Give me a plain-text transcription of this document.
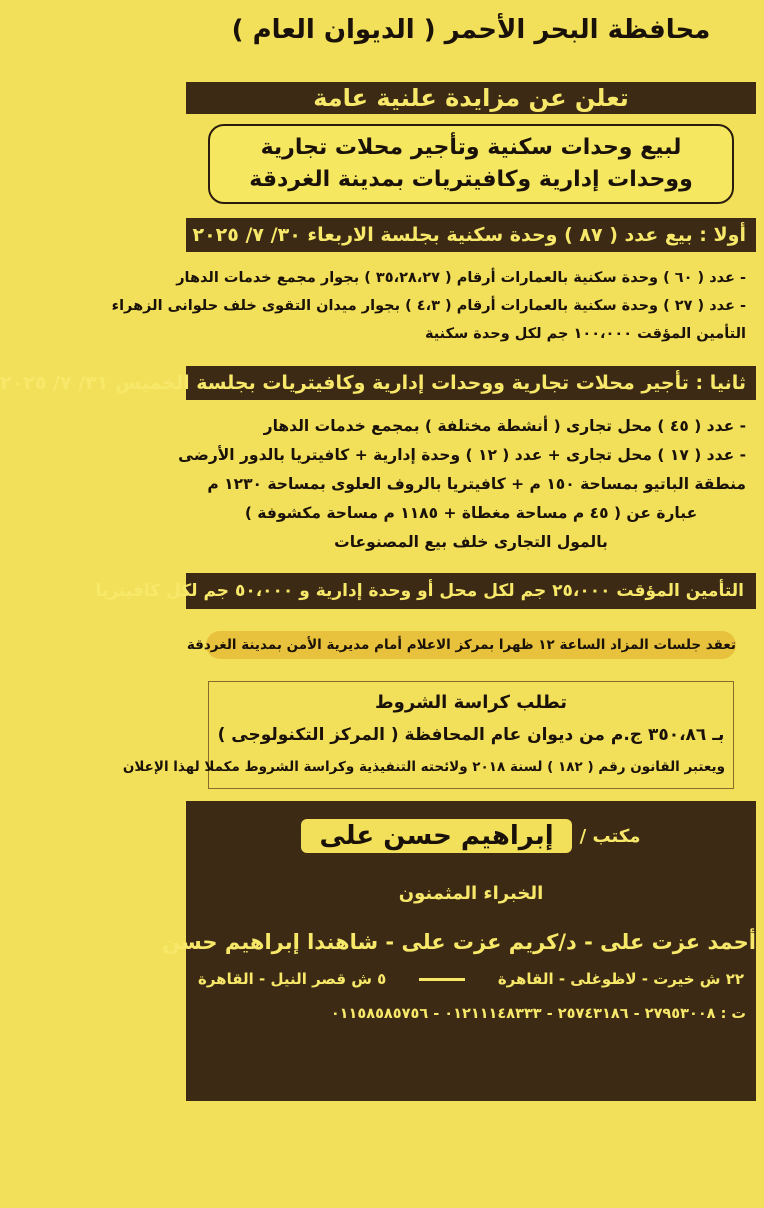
محافظة البحر الأحمر ( الديوان العام )
تعلن عن مزايدة علنية عامة
لبيع وحدات سكنية وتأجير محلات تجارية
ووحدات إدارية وكافيتريات بمدينة الغردقة
أولا : بيع عدد ( ٨٧ ) وحدة سكنية بجلسة الاربعاء ٣٠/ ٧/ ٢٠٢٥
- عدد ( ٦٠ ) وحدة سكنية بالعمارات أرقام ( ٣٥،٢٨،٢٧ ) بجوار مجمع خدمات الدهار
- عدد ( ٢٧ ) وحدة سكنية بالعمارات أرقام ( ٤،٣ ) بجوار ميدان التقوى خلف حلوانى الزهراء
التأمين المؤقت ١٠٠،٠٠٠ جم لكل وحدة سكنية
ثانيا : تأجير محلات تجارية ووحدات إدارية وكافيتريات بجلسة الخميس ٣١/ ٧/ ٢٠٢٥
- عدد ( ٤٥ ) محل تجارى ( أنشطة مختلفة ) بمجمع خدمات الدهار
- عدد ( ١٧ ) محل تجارى + عدد ( ١٢ ) وحدة إدارية + كافيتريا بالدور الأرضى
منطقة الباتيو بمساحة ١٥٠ م + كافيتريا بالروف العلوى بمساحة ١٢٣٠ م
عبارة عن ( ٤٥ م مساحة مغطاة + ١١٨٥ م مساحة مكشوفة )
بالمول التجارى خلف بيع المصنوعات
التأمين المؤقت ٢٥،٠٠٠ جم لكل محل أو وحدة إدارية و ٥٠،٠٠٠ جم لكل كافيتريا
تعقد جلسات المزاد الساعة ١٢ ظهرا بمركز الاعلام أمام مديرية الأمن بمدينة الغردقة
تطلب كراسة الشروط
بـ ٣٥٠،٨٦ ج.م من ديوان عام المحافظة ( المركز التكنولوجى )
ويعتبر القانون رقم ( ١٨٢ ) لسنة ٢٠١٨ ولائحته التنفيذية وكراسة الشروط مكملا لهذا الإعلان
مكتب /
إبراهيم حسن على
الخبراء المثمنون
أحمد عزت على - د/كريم عزت على - شاهندا إبراهيم حسن
٢٢ ش خيرت - لاظوغلى - القاهرة
٥ ش قصر النيل - القاهرة
ت : ٢٧٩٥٣٠٠٨ - ٢٥٧٤٣١٨٦ - ٠١٢١١١٤٨٣٣٣ - ٠١١٥٨٥٨٥٧٥٦
